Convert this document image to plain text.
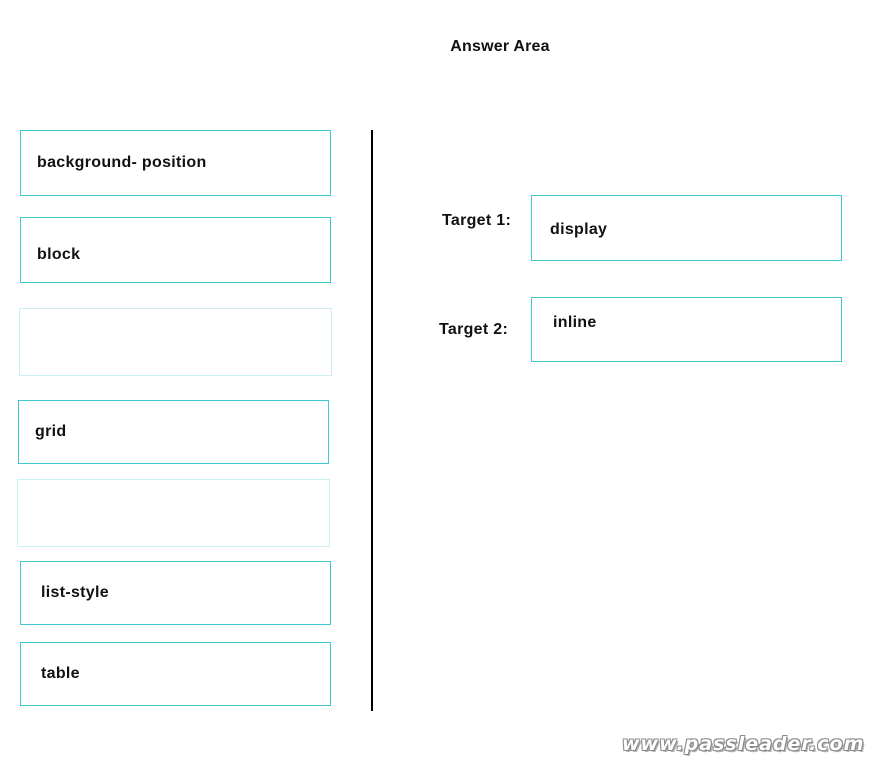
Answer Area
background- position
block
grid
list-style
table
Target 1:
display
Target 2:	inline
www.passleader.com
